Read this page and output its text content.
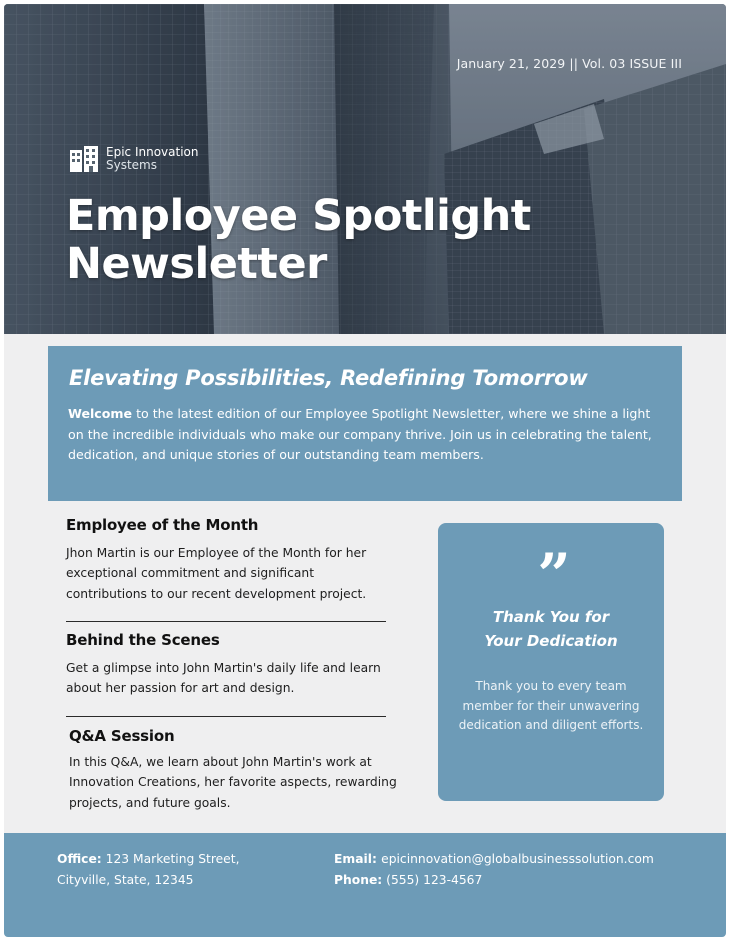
January 21, 2029 || Vol. 03 ISSUE III
Epic Innovation
Systems
Employee Spotlight
Newsletter
Elevating Possibilities, Redefining Tomorrow

Welcome to the latest edition of our Employee Spotlight Newsletter, where we shine a light on the incredible individuals who make our company thrive. Join us in celebrating the talent, dedication, and unique stories of our outstanding team members.

Employee of the Month

Jhon Martin is our Employee of the Month for her exceptional commitment and significant contributions to our recent development project.

Behind the Scenes

Get a glimpse into John Martin's daily life and learn about her passion for art and design.

Q&A Session

In this Q&A, we learn about John Martin's work at Innovation Creations, her favorite aspects, rewarding projects, and future goals.

”
Thank You for
Your Dedication

Thank you to every team member for their unwavering dedication and diligent efforts.

Office: 123 Marketing Street,
Cityville, State, 12345
Email: epicinnovation@globalbusinesssolution.com
Phone: (555) 123-4567
